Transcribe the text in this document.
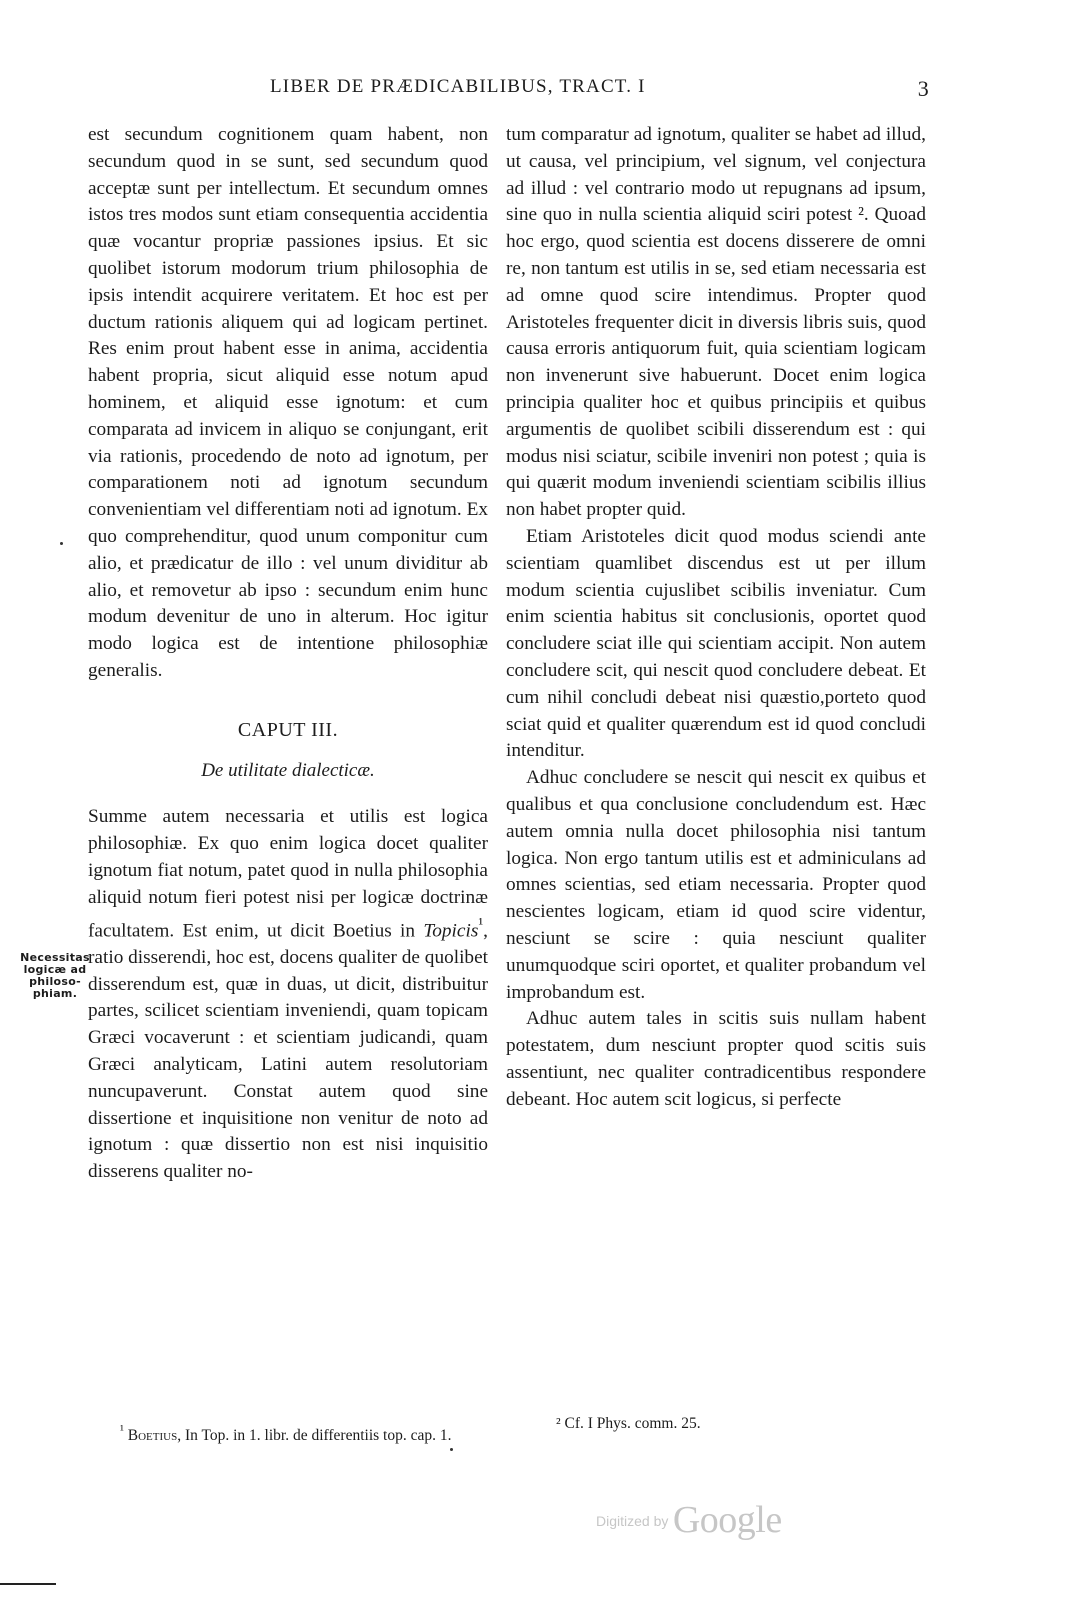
LIBER DE PRÆDICABILIBUS, TRACT. I	3

est secundum cognitionem quam habent, non secundum quod in se sunt, sed secundum quod acceptæ sunt per intellectum. Et secundum omnes istos tres modos sunt etiam consequentia accidentia quæ vocantur propriæ passiones ipsius. Et sic quolibet istorum modorum trium philosophia de ipsis intendit acquirere veritatem. Et hoc est per ductum rationis aliquem qui ad logicam pertinet. Res enim prout habent esse in anima, accidentia habent propria, sicut aliquid esse notum apud hominem, et aliquid esse ignotum: et cum comparata ad invicem in aliquo se conjungant, erit via rationis, procedendo de noto ad ignotum, per comparationem noti ad ignotum secundum convenientiam vel differentiam noti ad ignotum. Ex quo comprehenditur, quod unum componitur cum alio, et prædicatur de illo : vel unum dividitur ab alio, et removetur ab ipso : secundum enim hunc modum devenitur de uno in alterum. Hoc igitur modo logica est de intentione philosophiæ generalis.

CAPUT III.
De utilitate dialecticæ.

Summe autem necessaria et utilis est logica philosophiæ. Ex quo enim logica docet qualiter ignotum fiat notum, patet quod in nulla philosophia aliquid notum fieri potest nisi per logicæ doctrinæ facultatem. Est enim, ut dicit Boetius in Topicis$^{^1}$, ratio disserendi, hoc est, docens qualiter de quolibet disserendum est, quæ in duas, ut dicit, distribuitur partes, scilicet scientiam inveniendi, quam topicam Græci vocaverunt : et scientiam judicandi, quam Græci analyticam, Latini autem resolutoriam nuncupaverunt. Constat autem quod sine dissertione et inquisitione non venitur de noto ad ignotum : quæ dissertio non est nisi inquisitio disserens qualiter no-

Necessitas
logicæ ad
philoso-
phiam.

tum comparatur ad ignotum, qualiter se habet ad illud, ut causa, vel principium, vel signum, vel conjectura ad illud : vel contrario modo ut repugnans ad ipsum, sine quo in nulla scientia aliquid sciri potest ². Quoad hoc ergo, quod scientia est docens disserere de omni re, non tantum est utilis in se, sed etiam necessaria est ad omne quod scire intendimus. Propter quod Aristoteles frequenter dicit in diversis libris suis, quod causa erroris antiquorum fuit, quia scientiam logicam non invenerunt sive habuerunt. Docet enim logica principia qualiter hoc et quibus principiis et quibus argumentis de quolibet scibili disserendum est : qui modus nisi sciatur, scibile inveniri non potest ; quia is qui quærit modum inveniendi scientiam scibilis illius non habet propter quid.

Etiam Aristoteles dicit quod modus sciendi ante scientiam quamlibet discendus est ut per illum modum scientia cujuslibet scibilis inveniatur. Cum enim scientia habitus sit conclusionis, oportet quod concludere sciat ille qui scientiam accipit. Non autem concludere scit, qui nescit quod concludere debeat. Et cum nihil concludi debeat nisi quæstio,porteto quod sciat quid et qualiter quærendum est id quod concludi intenditur.

Adhuc concludere se nescit qui nescit ex quibus et qualibus et qua conclusione concludendum est. Hæc autem omnia nulla docet philosophia nisi tantum logica. Non ergo tantum utilis est et adminiculans ad omnes scientias, sed etiam necessaria. Propter quod nescientes logicam, etiam id quod scire videntur, nesciunt se scire : quia nesciunt qualiter unumquodque sciri oportet, et qualiter probandum vel improbandum est.

Adhuc autem tales in scitis suis nullam habent potestatem, dum nesciunt propter quod scitis suis assentiunt, nec qualiter contradicentibus respondere debeant. Hoc autem scit logicus, si perfecte

$^{^1}$ Boetius, In Top. in 1. libr. de differentiis top. cap. 1.
² Cf. I Phys. comm. 25.
Digitized by Google
